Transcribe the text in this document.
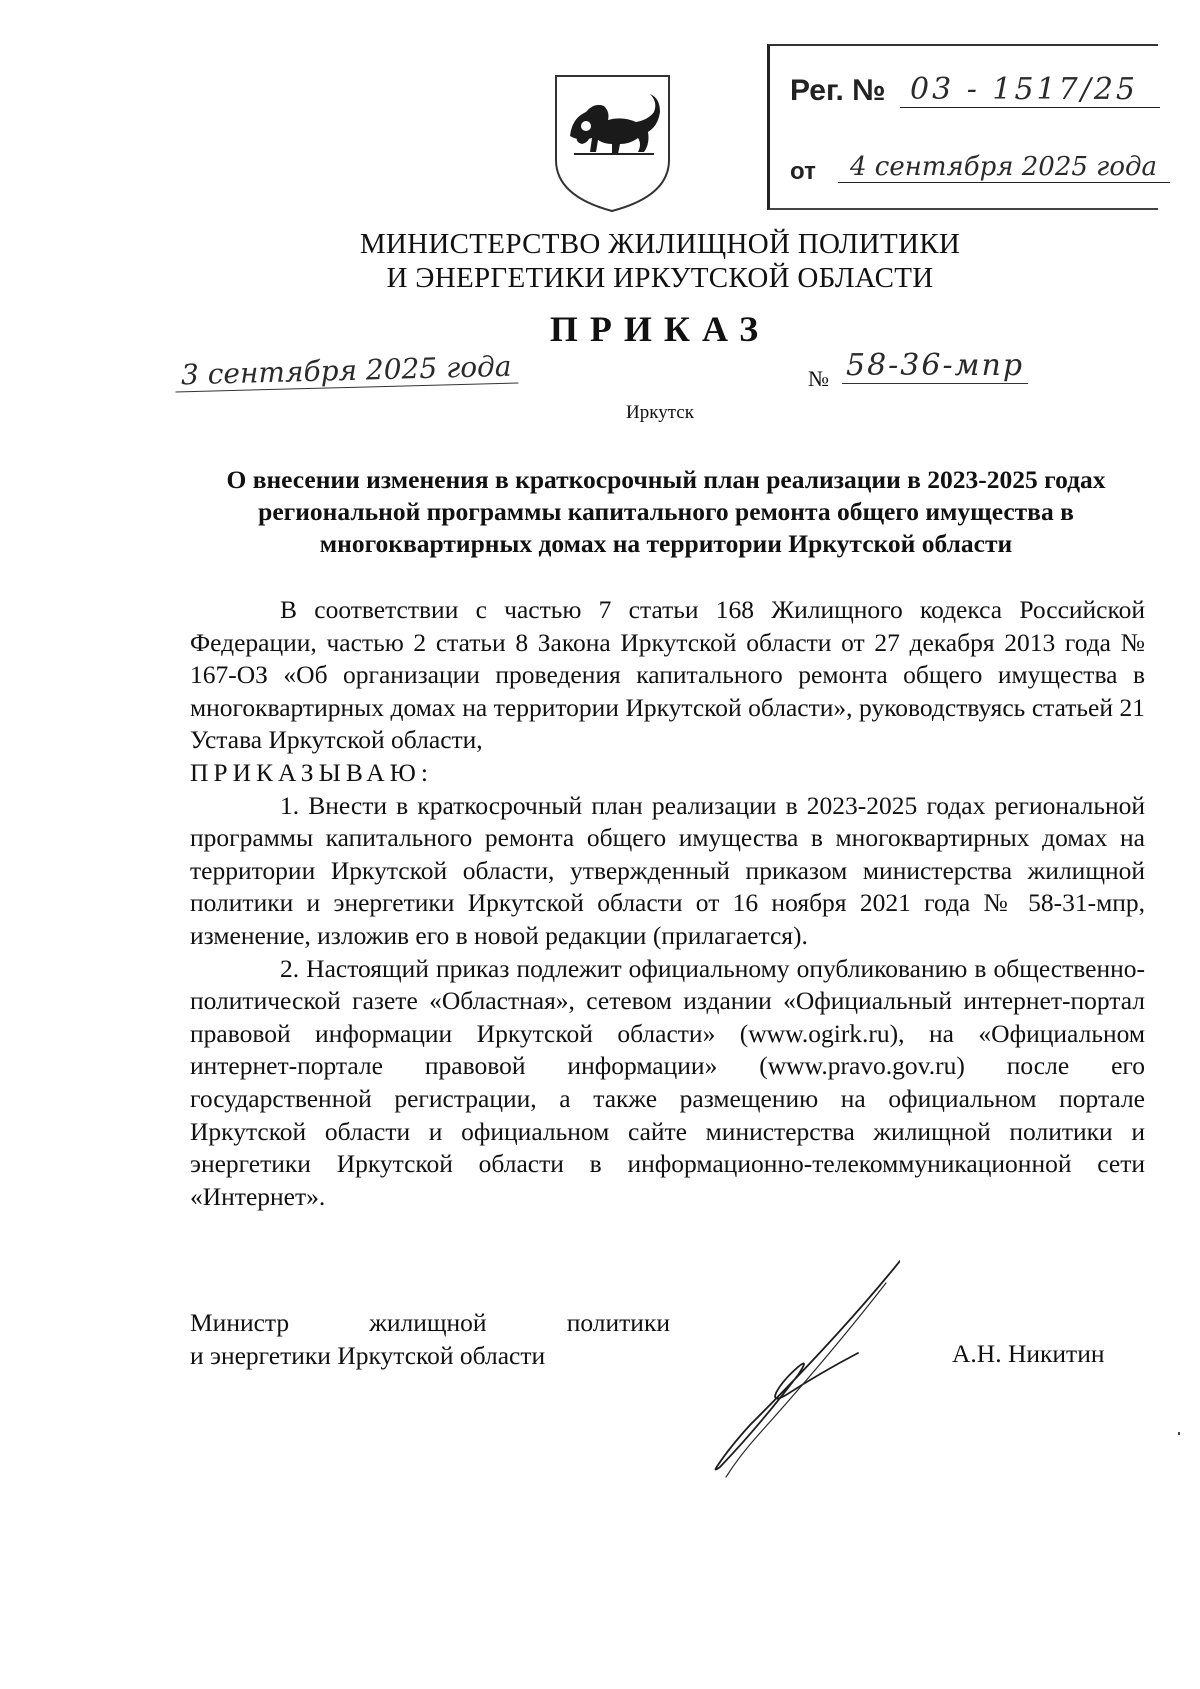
Рег. № 03 - 1517/25
от	4 сентября 2025 года
МИНИСТЕРСТВО ЖИЛИЩНОЙ ПОЛИТИКИ
И ЭНЕРГЕТИКИ ИРКУТСКОЙ ОБЛАСТИ
ПРИКАЗ
3 сентября 2025 года	№ 58-36-мпр
Иркутск
О внесении изменения в краткосрочный план реализации в 2023-2025 годах региональной программы капитального ремонта общего имущества в многоквартирных домах на территории Иркутской области

В соответствии с частью 7 статьи 168 Жилищного кодекса Российской Федерации, частью 2 статьи 8 Закона Иркутской области от 27 декабря 2013 года № 167-ОЗ «Об организации проведения капитального ремонта общего имущества в многоквартирных домах на территории Иркутской области», руководствуясь статьей 21 Устава Иркутской области,

ПРИКАЗЫВАЮ:

1. Внести в краткосрочный план реализации в 2023-2025 годах региональной программы капитального ремонта общего имущества в многоквартирных домах на территории Иркутской области, утвержденный приказом министерства жилищной политики и энергетики Иркутской области от 16 ноября 2021 года № 58-31-мпр, изменение, изложив его в новой редакции (прилагается).

2. Настоящий приказ подлежит официальному опубликованию в общественно-политической газете «Областная», сетевом издании «Официальный интернет-портал правовой информации Иркутской области» (www.ogirk.ru), на «Официальном интернет-портале правовой информации» (www.pravo.gov.ru) после его государственной регистрации, а также размещению на официальном портале Иркутской области и официальном сайте министерства жилищной политики и энергетики Иркутской области в информационно-телекоммуникационной сети «Интернет».

Министр	жилищной	политики
и энергетики Иркутской области	А.Н. Никитин
